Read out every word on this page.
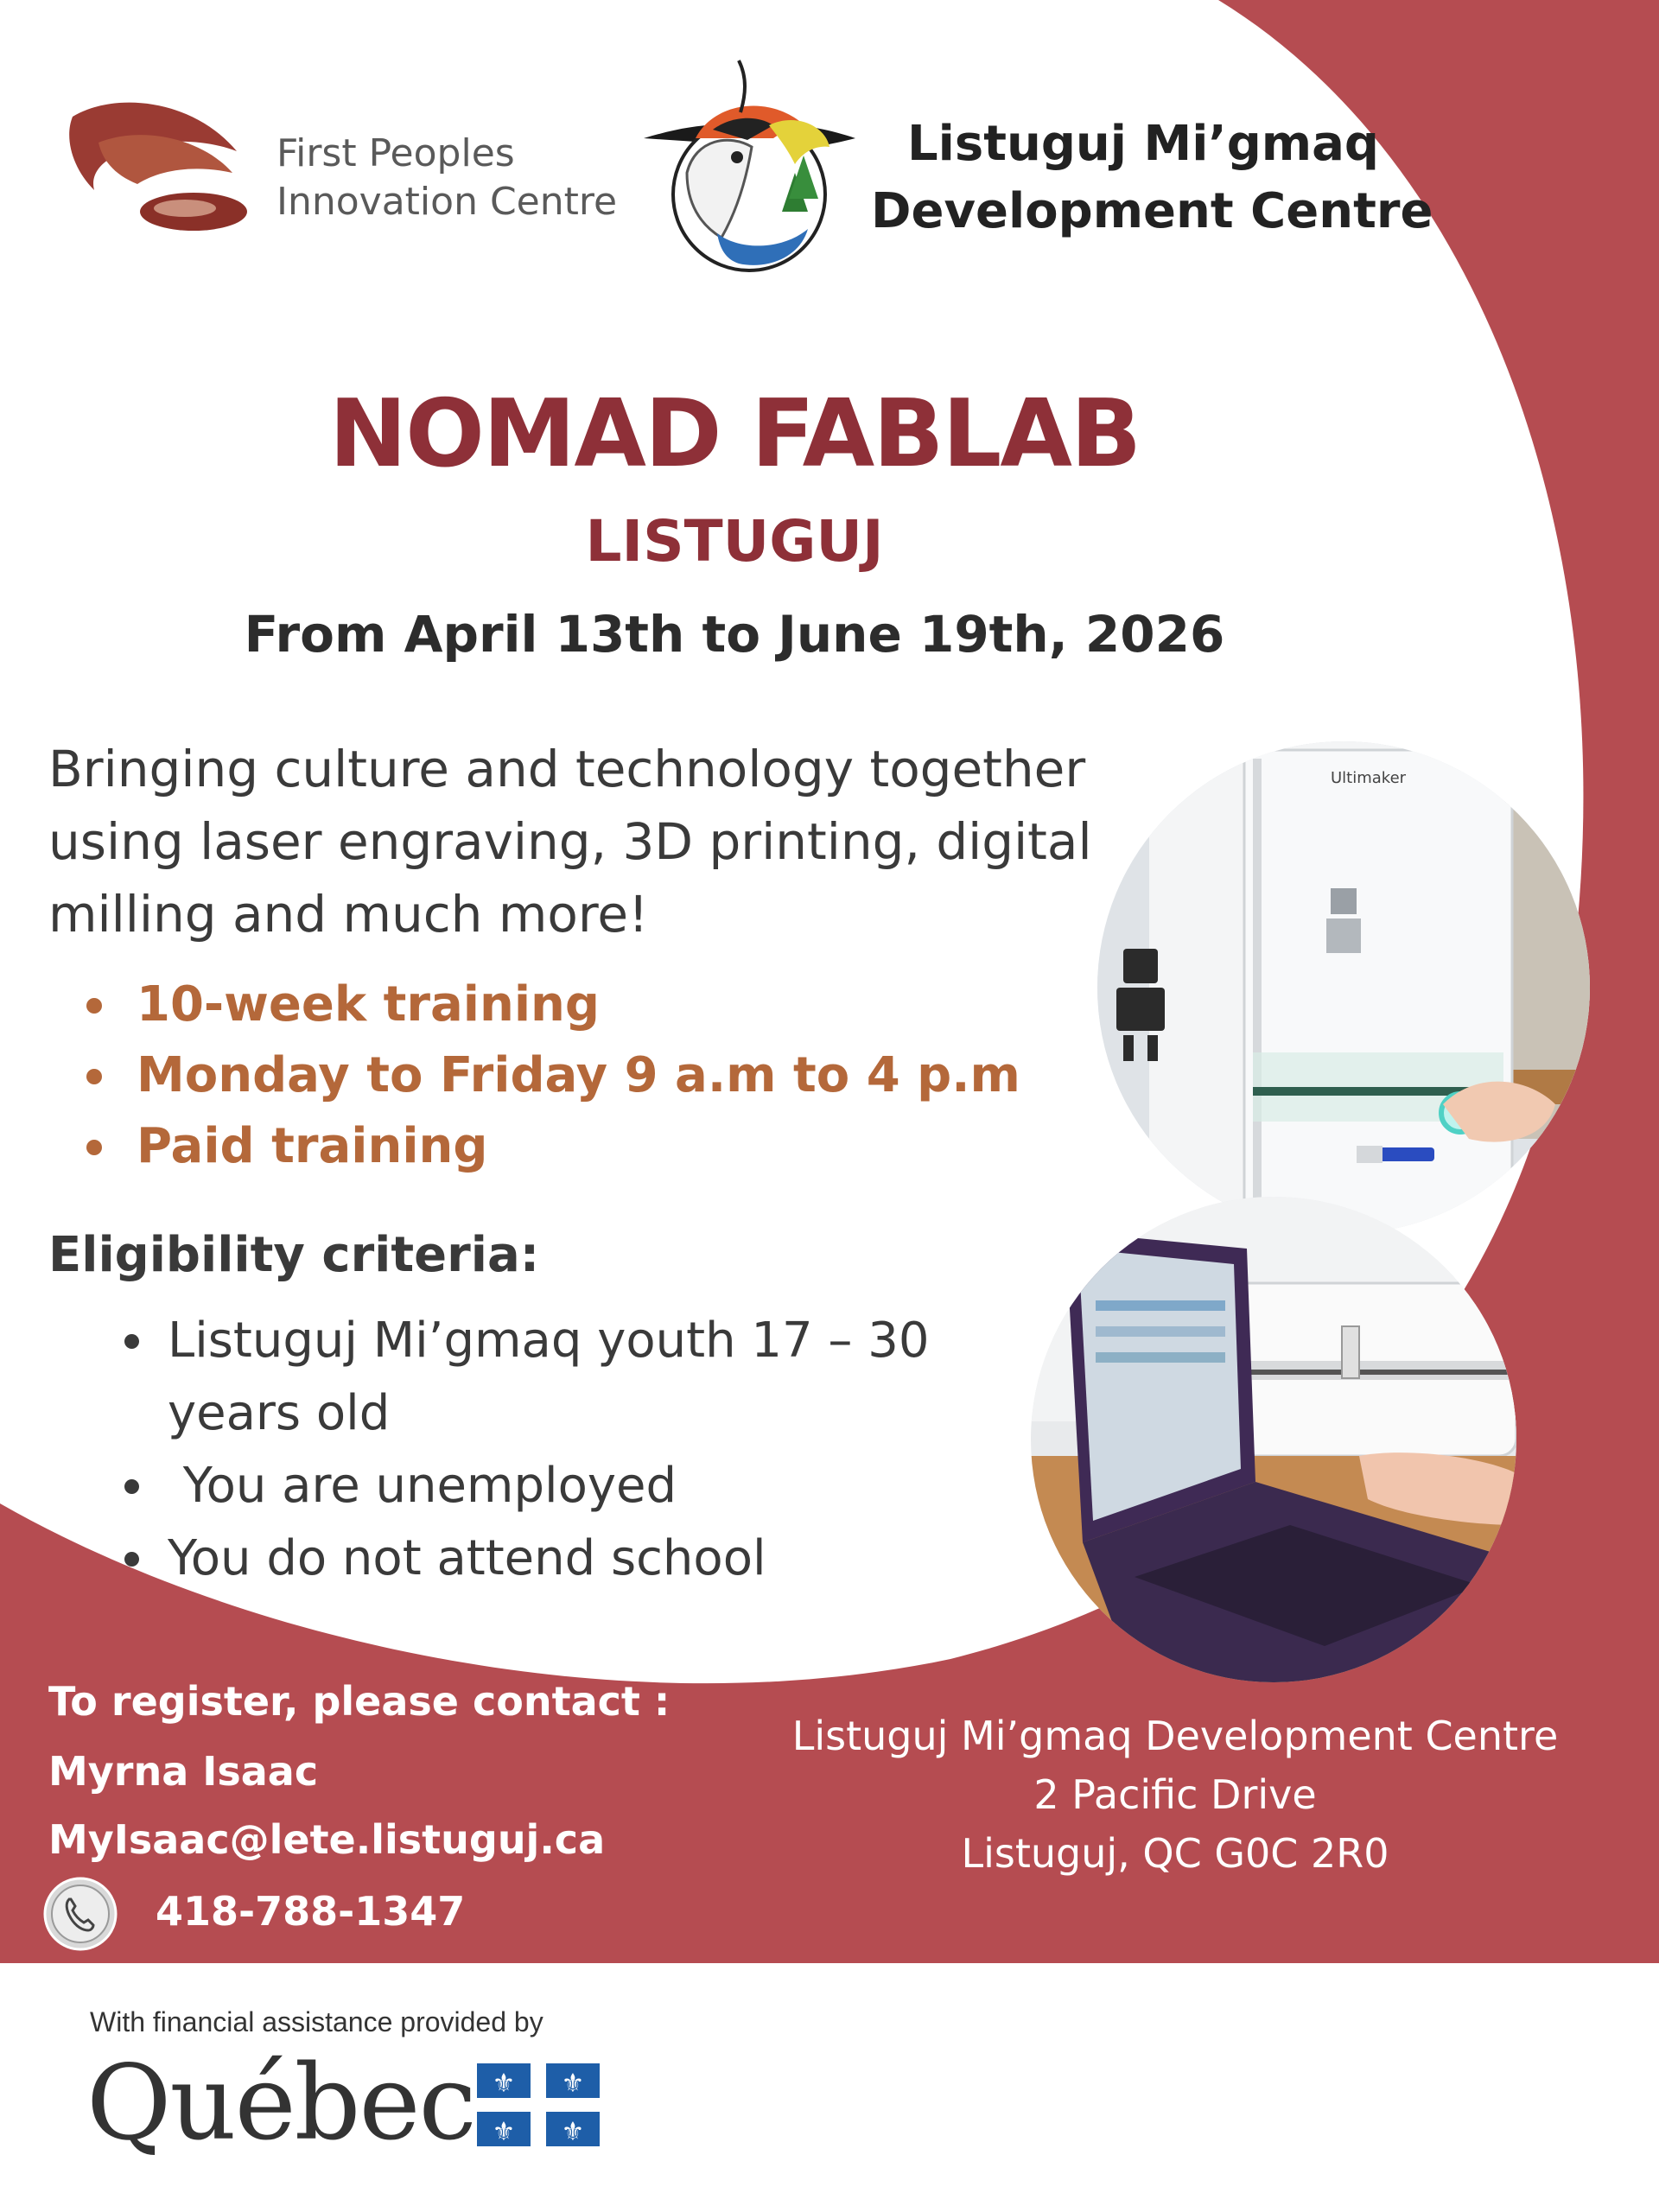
First Peoples
Innovation Centre
Listuguj Mi’gmaq
Development Centre
NOMAD FABLAB
LISTUGUJ
From April 13th to June 19th, 2026
Bringing culture and technology together using laser engraving, 3D printing, digital milling and much more!
10-week training
Monday to Friday 9 a.m to 4 p.m
Paid training
Eligibility criteria:
Listuguj Mi’gmaq youth 17 – 30 years old
You are unemployed
You do not attend school
Ultimaker
To register, please contact :
Myrna Isaac
MyIsaac@lete.listuguj.ca
418-788-1347
Listuguj Mi’gmaq Development Centre
2 Pacific Drive
Listuguj, QC G0C 2R0
With financial assistance provided by
Québec ⚜ ⚜
⚜ ⚜
